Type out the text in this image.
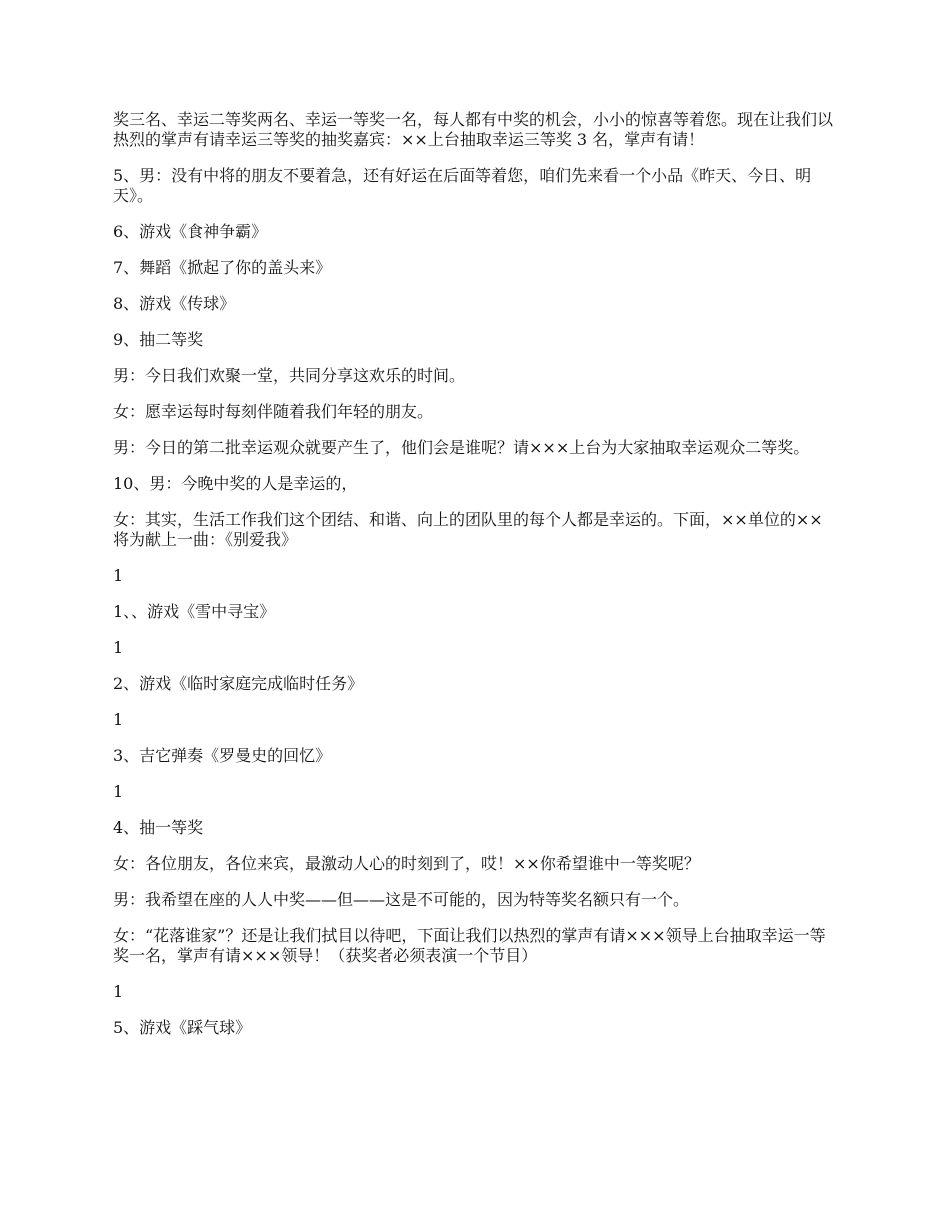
奖三名、幸运二等奖两名、幸运一等奖一名，每人都有中奖的机会，小小的惊喜等着您。现在让我们以热烈的掌声有请幸运三等奖的抽奖嘉宾：××上台抽取幸运三等奖 3 名，掌声有请！

5、男：没有中将的朋友不要着急，还有好运在后面等着您，咱们先来看一个小品《昨天、今日、明天》。

6、游戏《食神争霸》

7、舞蹈《掀起了你的盖头来》

8、游戏《传球》

9、抽二等奖

男：今日我们欢聚一堂，共同分享这欢乐的时间。

女：愿幸运每时每刻伴随着我们年轻的朋友。

男：今日的第二批幸运观众就要产生了，他们会是谁呢？请×××上台为大家抽取幸运观众二等奖。

10、男：今晚中奖的人是幸运的，

女：其实，生活工作我们这个团结、和谐、向上的团队里的每个人都是幸运的。下面，××单位的××将为献上一曲：《别爱我》

1

1、、游戏《雪中寻宝》

1

2、游戏《临时家庭完成临时任务》

1

3、吉它弹奏《罗曼史的回忆》

1

4、抽一等奖

女：各位朋友，各位来宾，最激动人心的时刻到了，哎！××你希望谁中一等奖呢？

男：我希望在座的人人中奖——但——这是不可能的，因为特等奖名额只有一个。

女：“花落谁家”？还是让我们拭目以待吧，下面让我们以热烈的掌声有请×××领导上台抽取幸运一等奖一名，掌声有请×××领导！（获奖者必须表演一个节目）

1

5、游戏《踩气球》
